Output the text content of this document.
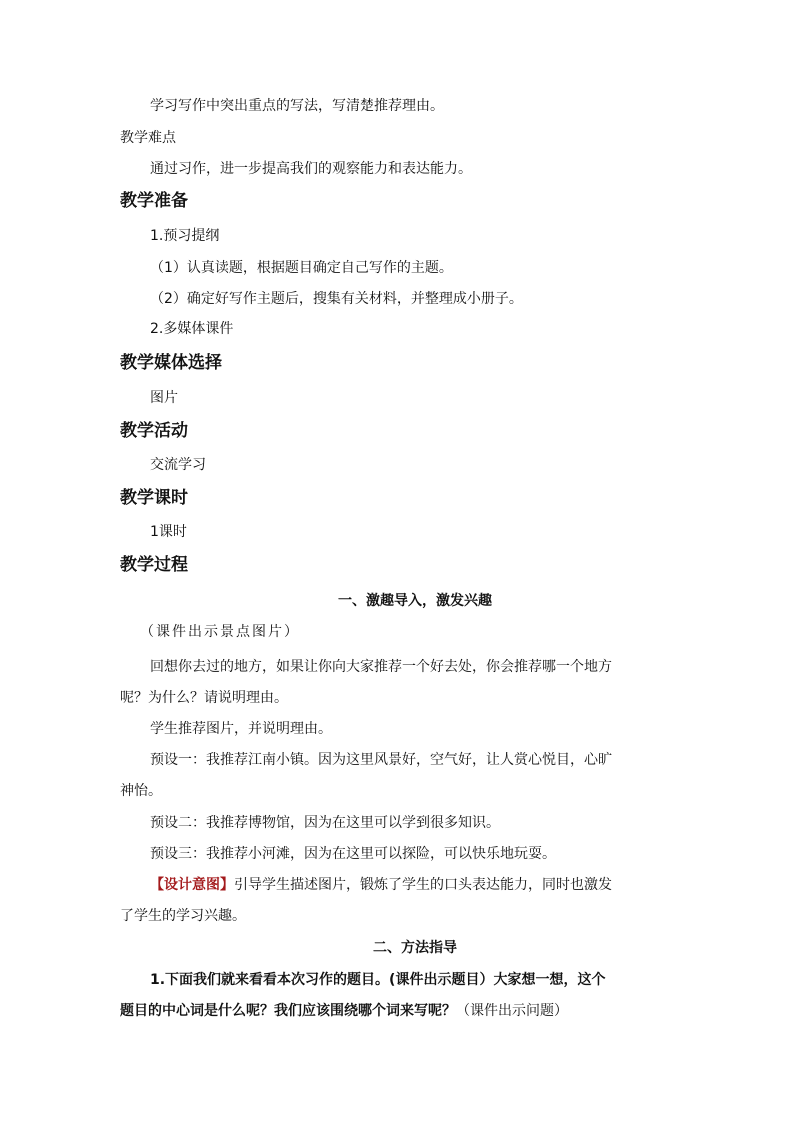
学习写作中突出重点的写法，写清楚推荐理由。
教学难点
通过习作，进一步提高我们的观察能力和表达能力。
教学准备
1.预习提纲
（1）认真读题，根据题目确定自己写作的主题。
（2）确定好写作主题后，搜集有关材料，并整理成小册子。
2.多媒体课件
教学媒体选择
图片
教学活动
交流学习
教学课时
1课时
教学过程
一、激趣导入，激发兴趣
（课件出示景点图片）
回想你去过的地方，如果让你向大家推荐一个好去处，你会推荐哪一个地方
呢？为什么？请说明理由。
学生推荐图片，并说明理由。
预设一：我推荐江南小镇。因为这里风景好，空气好，让人赏心悦目，心旷
神怡。
预设二：我推荐博物馆，因为在这里可以学到很多知识。
预设三：我推荐小河滩，因为在这里可以探险，可以快乐地玩耍。
【设计意图】引导学生描述图片，锻炼了学生的口头表达能力，同时也激发
了学生的学习兴趣。
二、方法指导
1.下面我们就来看看本次习作的题目。(课件出示题目）大家想一想，这个
题目的中心词是什么呢？我们应该围绕哪个词来写呢？（课件出示问题）
